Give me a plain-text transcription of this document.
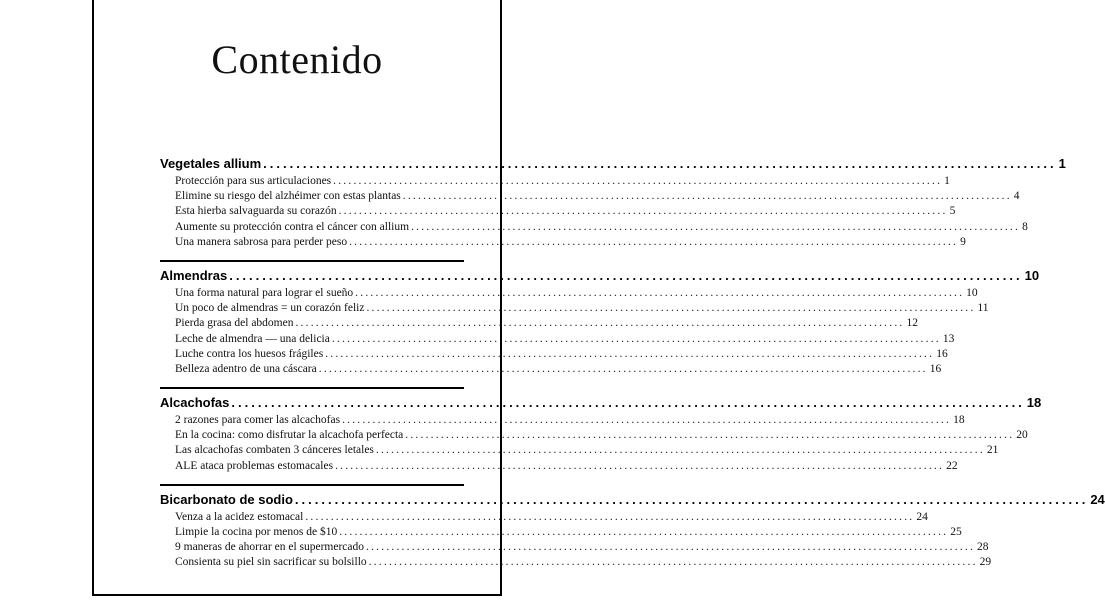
Contenido
Vegetales allium ........................................................................................................................ 1
Protección para sus articulaciones ........................................................................................................................ 1
Elimine su riesgo del alzhéimer con estas plantas ........................................................................................................................ 4
Esta hierba salvaguarda su corazón ........................................................................................................................ 5
Aumente su protección contra el cáncer con allium ........................................................................................................................ 8
Una manera sabrosa para perder peso ........................................................................................................................ 9
Almendras ........................................................................................................................ 10
Una forma natural para lograr el sueño ........................................................................................................................ 10
Un poco de almendras = un corazón feliz ........................................................................................................................ 11
Pierda grasa del abdomen ........................................................................................................................ 12
Leche de almendra — una delicia ........................................................................................................................ 13
Luche contra los huesos frágiles ........................................................................................................................ 16
Belleza adentro de una cáscara ........................................................................................................................ 16
Alcachofas ........................................................................................................................ 18
2 razones para comer las alcachofas ........................................................................................................................ 18
En la cocina: como disfrutar la alcachofa perfecta ........................................................................................................................ 20
Las alcachofas combaten 3 cánceres letales ........................................................................................................................ 21
ALE ataca problemas estomacales ........................................................................................................................ 22
Bicarbonato de sodio ........................................................................................................................ 24
Venza a la acidez estomacal ........................................................................................................................ 24
Limpie la cocina por menos de $10 ........................................................................................................................ 25
9 maneras de ahorrar en el supermercado ........................................................................................................................ 28
Consienta su piel sin sacrificar su bolsillo ........................................................................................................................ 29
